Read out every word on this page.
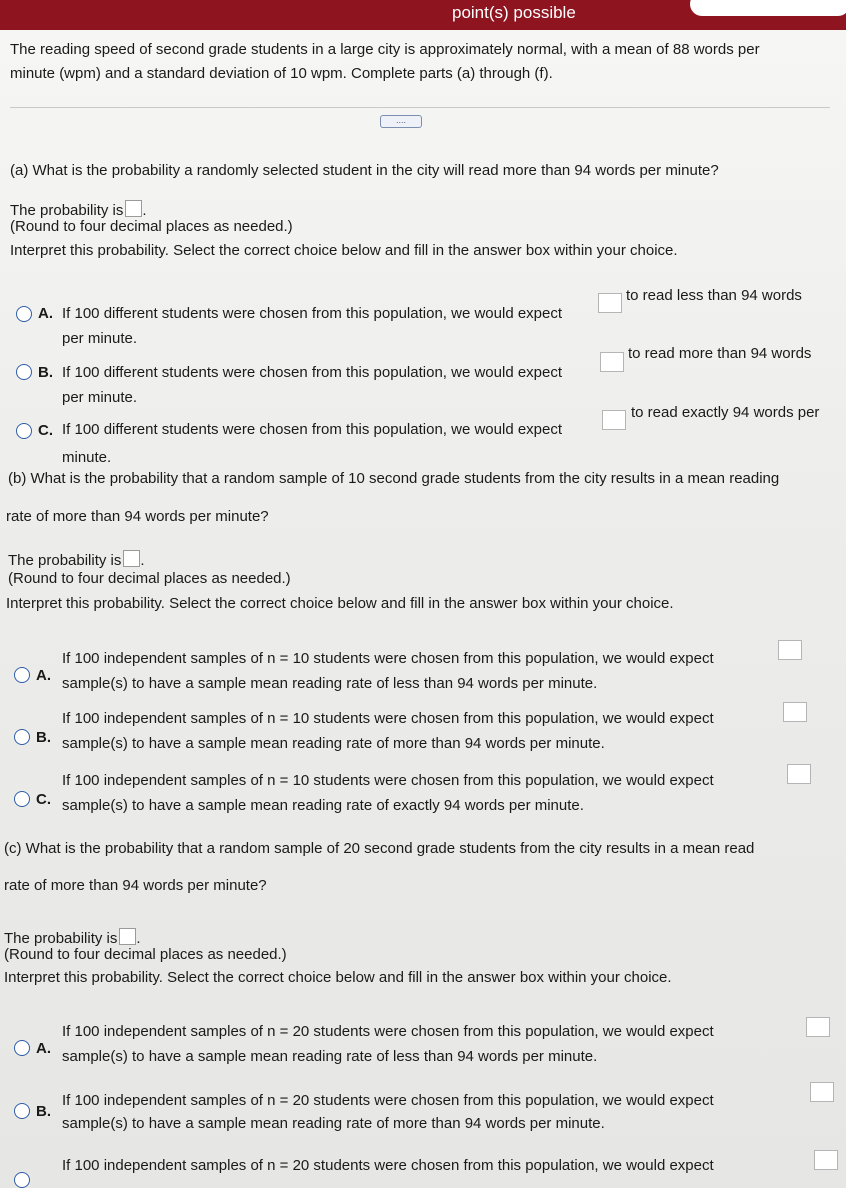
point(s) possible
The reading speed of second grade students in a large city is approximately normal, with a mean of 88 words per
minute (wpm) and a standard deviation of 10 wpm. Complete parts (a) through (f).
....
(a) What is the probability a randomly selected student in the city will read more than 94 words per minute?
The probability is .
(Round to four decimal places as needed.)
Interpret this probability. Select the correct choice below and fill in the answer box within your choice.
A. If 100 different students were chosen from this population, we would expect
to read less than 94 words
per minute.
B. If 100 different students were chosen from this population, we would expect
to read more than 94 words
per minute.
C. If 100 different students were chosen from this population, we would expect
to read exactly 94 words per
minute.
(b) What is the probability that a random sample of 10 second grade students from the city results in a mean reading
rate of more than 94 words per minute?
The probability is .
(Round to four decimal places as needed.)
Interpret this probability. Select the correct choice below and fill in the answer box within your choice.
A.
If 100 independent samples of n = 10 students were chosen from this population, we would expect
sample(s) to have a sample mean reading rate of less than 94 words per minute.
B.
If 100 independent samples of n = 10 students were chosen from this population, we would expect
sample(s) to have a sample mean reading rate of more than 94 words per minute.
C.
If 100 independent samples of n = 10 students were chosen from this population, we would expect
sample(s) to have a sample mean reading rate of exactly 94 words per minute.
(c) What is the probability that a random sample of 20 second grade students from the city results in a mean read
rate of more than 94 words per minute?
The probability is .
(Round to four decimal places as needed.)
Interpret this probability. Select the correct choice below and fill in the answer box within your choice.
A.
If 100 independent samples of n = 20 students were chosen from this population, we would expect
sample(s) to have a sample mean reading rate of less than 94 words per minute.
B.
If 100 independent samples of n = 20 students were chosen from this population, we would expect
sample(s) to have a sample mean reading rate of more than 94 words per minute.
If 100 independent samples of n = 20 students were chosen from this population, we would expect
